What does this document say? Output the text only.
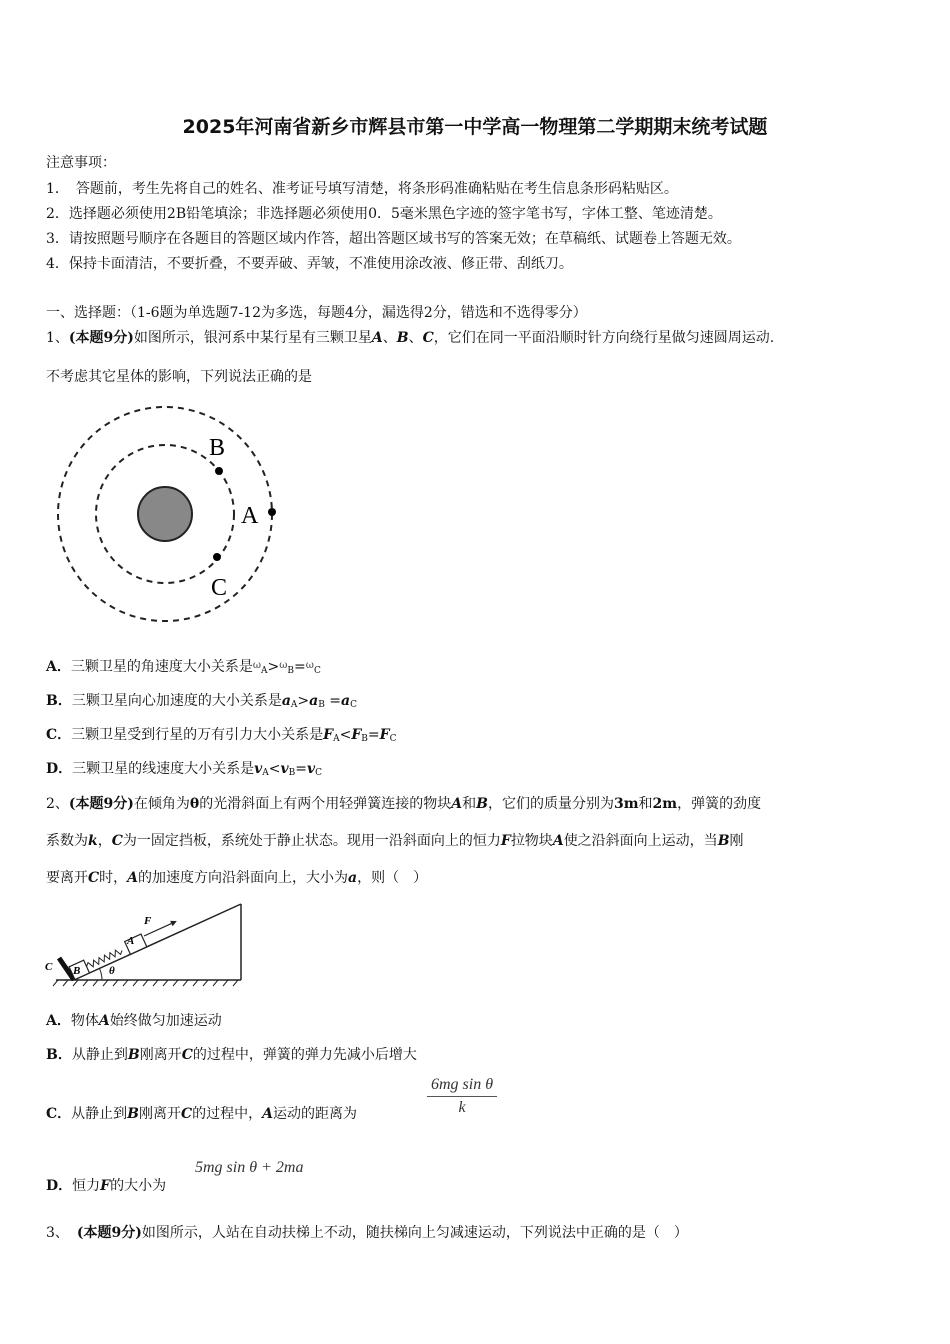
2025年河南省新乡市辉县市第一中学高一物理第二学期期末统考试题
注意事项：
1．　答题前，考生先将自己的姓名、准考证号填写清楚，将条形码准确粘贴在考生信息条形码粘贴区。
2．选择题必须使用2B铅笔填涂；非选择题必须使用0．5毫米黑色字迹的签字笔书写，字体工整、笔迹清楚。
3．请按照题号顺序在各题目的答题区域内作答，超出答题区域书写的答案无效；在草稿纸、试题卷上答题无效。
4．保持卡面清洁，不要折叠，不要弄破、弄皱，不准使用涂改液、修正带、刮纸刀。
一、选择题：（1-6题为单选题7-12为多选，每题4分，漏选得2分，错选和不选得零分）
1、(本题9分)如图所示，银河系中某行星有三颗卫星A、B、C，它们在同一平面沿顺时针方向绕行星做匀速圆周运动.
不考虑其它星体的影响，下列说法正确的是
B
A
C
A．三颗卫星的角速度大小关系是$^\omega_A$>$^\omega_B$=$^\omega_C$
B．三颗卫星向心加速度的大小关系是$a_A>a_B =a_C$
C．三颗卫星受到行星的万有引力大小关系是$F_A<F_B=F_C$
D．三颗卫星的线速度大小关系是$v_A<v_B=v_C$
2、(本题9分)在倾角为θ的光滑斜面上有两个用轻弹簧连接的物块A和B，它们的质量分别为3m和2m，弹簧的劲度
系数为k，C为一固定挡板，系统处于静止状态。现用一沿斜面向上的恒力F拉物块A使之沿斜面向上运动，当B刚
要离开C时，A的加速度方向沿斜面向上，大小为a，则（　）
F
A
B
C	θ
A．物体A始终做匀加速运动
B．从静止到B刚离开C的过程中，弹簧的弹力先减小后增大
C．从静止到B刚离开C的过程中，A运动的距离为	$\frac{\text{6mg sin θ}}{k}$
D．恒力F的大小为
5mg sin θ + 2ma
3、 (本题9分)如图所示，人站在自动扶梯上不动，随扶梯向上匀减速运动，下列说法中正确的是（　）
